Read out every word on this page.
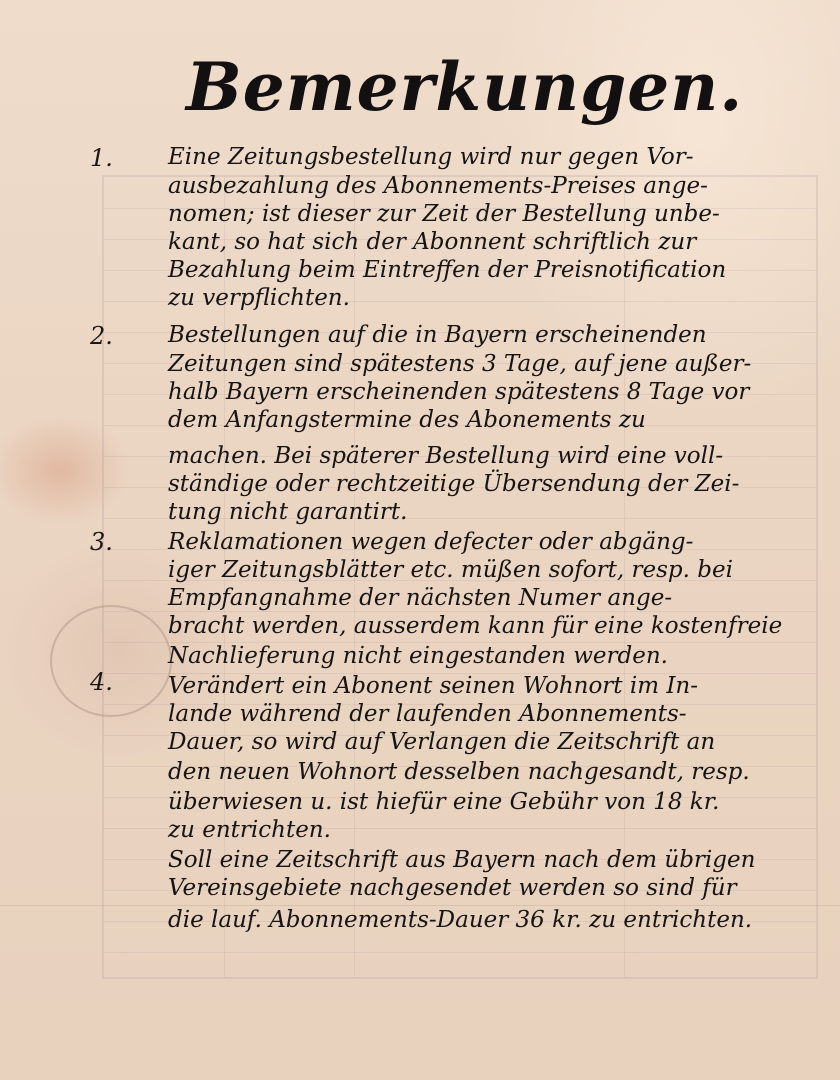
Bemerkungen.
1.	Eine Zeitungsbestellung wird nur gegen Vor-
ausbezahlung des Abonnements-Preises ange-
nomen; ist dieser zur Zeit der Bestellung unbe-
kant, so hat sich der Abonnent schriftlich zur
Bezahlung beim Eintreffen der Preisnotification
zu verpflichten.
2.	Bestellungen auf die in Bayern erscheinenden
Zeitungen sind spätestens 3 Tage, auf jene außer-
halb Bayern erscheinenden spätestens 8 Tage vor
dem Anfangstermine des Abonements zu
machen. Bei späterer Bestellung wird eine voll-
ständige oder rechtzeitige Übersendung der Zei-
tung nicht garantirt.
3.	Reklamationen wegen defecter oder abgäng-
iger Zeitungsblätter etc. müßen sofort, resp. bei
Empfangnahme der nächsten Numer ange-
bracht werden, ausserdem kann für eine kostenfreie
Nachlieferung nicht eingestanden werden.
4.	Verändert ein Abonent seinen Wohnort im In-
lande während der laufenden Abonnements-
Dauer, so wird auf Verlangen die Zeitschrift an
den neuen Wohnort desselben nachgesandt, resp.
überwiesen u. ist hiefür eine Gebühr von 18 kr.
zu entrichten.
Soll eine Zeitschrift aus Bayern nach dem übrigen
Vereinsgebiete nachgesendet werden so sind für
die lauf. Abonnements-Dauer 36 kr. zu entrichten.
